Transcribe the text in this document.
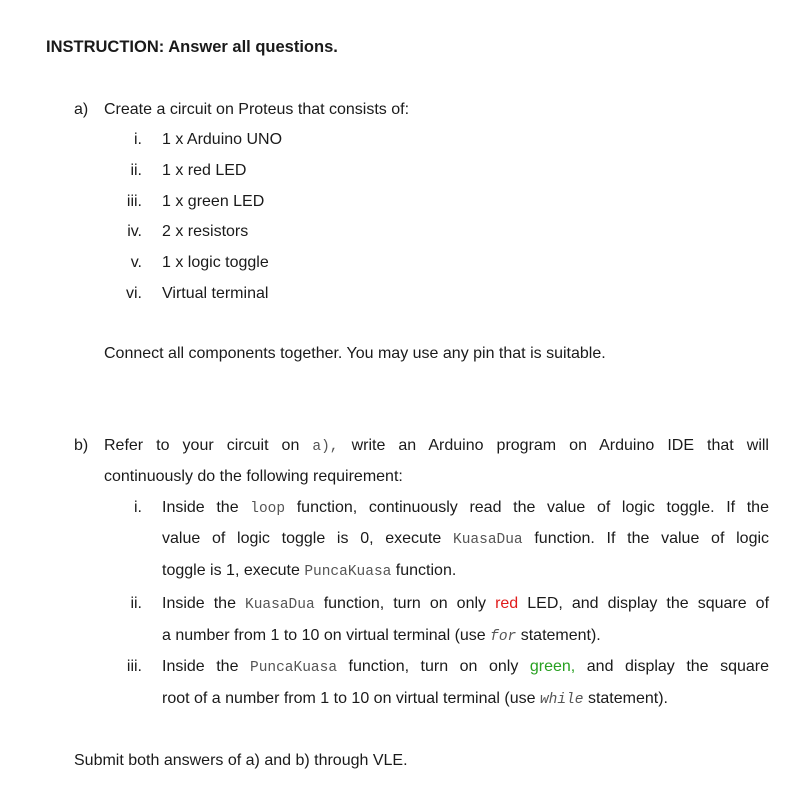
INSTRUCTION: Answer all questions.
a) Create a circuit on Proteus that consists of:
i. 1 x Arduino UNO
ii. 1 x red LED
iii. 1 x green LED
iv. 2 x resistors
v. 1 x logic toggle
vi. Virtual terminal
Connect all components together. You may use any pin that is suitable.
b) Refer to your circuit on a), write an Arduino program on Arduino IDE that will
continuously do the following requirement:
i. Inside the loop function, continuously read the value of logic toggle. If the
value of logic toggle is 0, execute KuasaDua function. If the value of logic
toggle is 1, execute PuncaKuasa function.
ii. Inside the KuasaDua function, turn on only red LED, and display the square of
a number from 1 to 10 on virtual terminal (use for statement).
iii. Inside the PuncaKuasa function, turn on only green, and display the square
root of a number from 1 to 10 on virtual terminal (use while statement).
Submit both answers of a) and b) through VLE.
